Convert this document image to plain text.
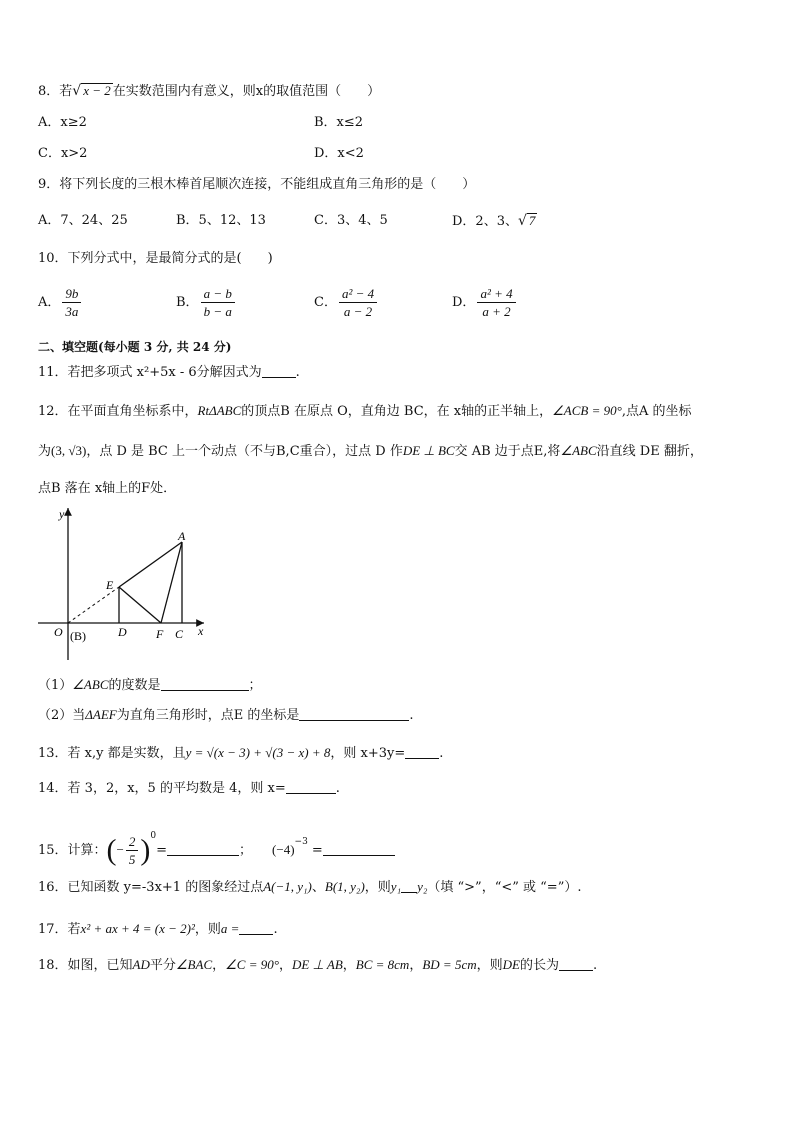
8．若√ x − 2 在实数范围内有意义，则x的取值范围（　　）
A．x≥2	B．x≤2
C．x>2	D．x<2
9．将下列长度的三根木棒首尾顺次连接，不能组成直角三角形的是（　　）
A．7、24、25	B．5、12、13	C．3、4、5	D．2、3、√ 7
10．下列分式中，是最简分式的是(　　)
A． $\frac{9b}{3a}$	B． $\frac{a - b}{b - a}$	C． $\frac{\text{a² − 4}}{a - 2}$	D． $\frac{\text{a² + 4}}{a + 2}$
二、填空题(每小题 3 分, 共 24 分)
11．若把多项式 x²+5x - 6分解因式为	.
12．在平面直角坐标系中，RtΔABC的顶点B 在原点 O，直角边 BC，在 x轴的正半轴上，∠ACB = 90°,点A 的坐标
为(3, √3)，点 D 是 BC 上一个动点（不与B,C重合），过点 D 作DE ⊥ BC交 AB 边于点E,将∠ABC沿直线 DE 翻折，
点B 落在 x轴上的F处．
y
x
O (B)
A
E
D F C
（1）∠ABC的度数是	；
（2）当ΔAEF为直角三角形时，点E 的坐标是	.
13．若 x,y 都是实数，且y = √(x − 3) + √(3 − x) + 8，则 x+3y=	.
14．若 3，2，x，5 的平均数是 4，则 x=	.
15．计算：(− $\frac{2}{5} )^0=$	； $(-4)^{-3}=$
16．已知函数 y=-3x+1 的图象经过点A(−1, y₁)、B(1, y₂)，则y₁ y₂（填 “>”，“<” 或 “=”）.
17．若x² + ax + 4 = (x − 2)²，则a =	.
18．如图，已知AD平分∠BAC，∠C = 90°，DE ⊥ AB，BC = 8cm，BD = 5cm，则DE的长为	.
